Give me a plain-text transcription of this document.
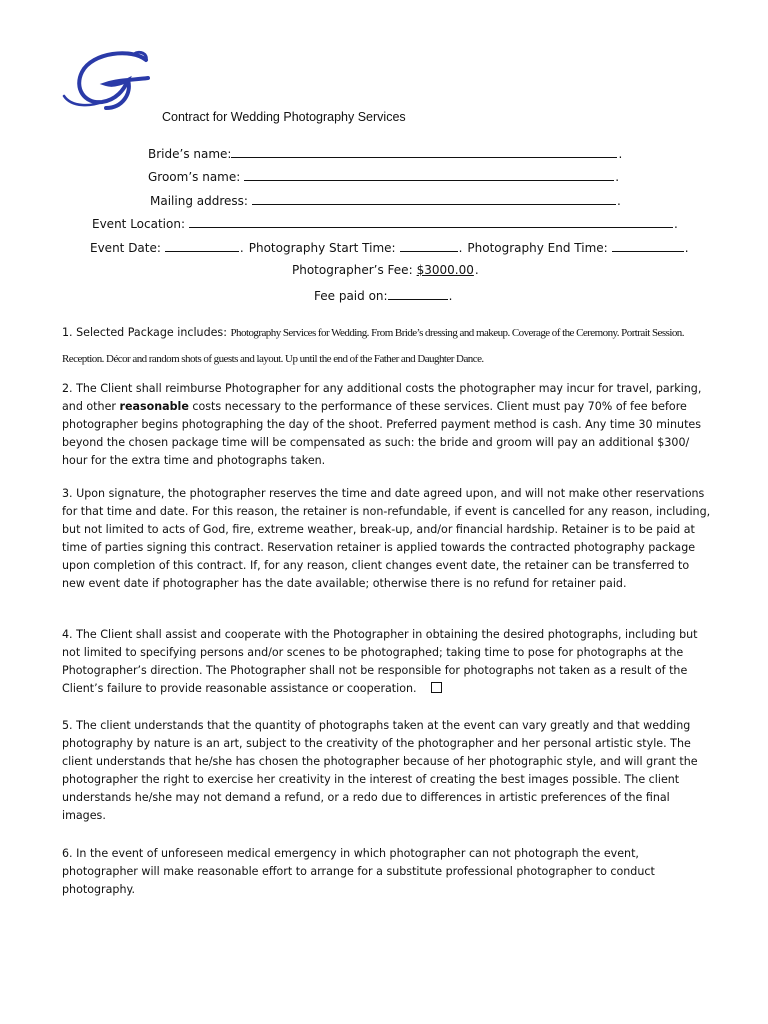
Contract for Wedding Photography Services
Bride’s name:	.
Groom’s name:	.
Mailing address:	.
Event Location:	.
Event Date:	. Photography Start Time:	. Photography End Time:	.
Photographer’s Fee: $3000.00 .
Fee paid on:	.
1. Selected Package includes: Photography Services for Wedding. From Bride’s dressing and makeup. Coverage of the Ceremony. Portrait Session. Reception. Décor and random shots of guests and layout. Up until the end of the Father and Daughter Dance.
2. The Client shall reimburse Photographer for any additional costs the photographer may incur for travel, parking, and other reasonable costs necessary to the performance of these services. Client must pay 70% of fee before photographer begins photographing the day of the shoot. Preferred payment method is cash. Any time 30 minutes beyond the chosen package time will be compensated as such: the bride and groom will pay an additional $300/ hour for the extra time and photographs taken.
3. Upon signature, the photographer reserves the time and date agreed upon, and will not make other reservations for that time and date. For this reason, the retainer is non-refundable, if event is cancelled for any reason, including, but not limited to acts of God, fire, extreme weather, break-up, and/or financial hardship. Retainer is to be paid at time of parties signing this contract. Reservation retainer is applied towards the contracted photography package upon completion of this contract. If, for any reason, client changes event date, the retainer can be transferred to new event date if photographer has the date available; otherwise there is no refund for retainer paid.
4. The Client shall assist and cooperate with the Photographer in obtaining the desired photographs, including but not limited to specifying persons and/or scenes to be photographed; taking time to pose for photographs at the Photographer’s direction. The Photographer shall not be responsible for photographs not taken as a result of the Client’s failure to provide reasonable assistance or cooperation.
5. The client understands that the quantity of photographs taken at the event can vary greatly and that wedding photography by nature is an art, subject to the creativity of the photographer and her personal artistic style. The client understands that he/she has chosen the photographer because of her photographic style, and will grant the photographer the right to exercise her creativity in the interest of creating the best images possible. The client understands he/she may not demand a refund, or a redo due to differences in artistic preferences of the final images.
6. In the event of unforeseen medical emergency in which photographer can not photograph the event, photographer will make reasonable effort to arrange for a substitute professional photographer to conduct photography.
